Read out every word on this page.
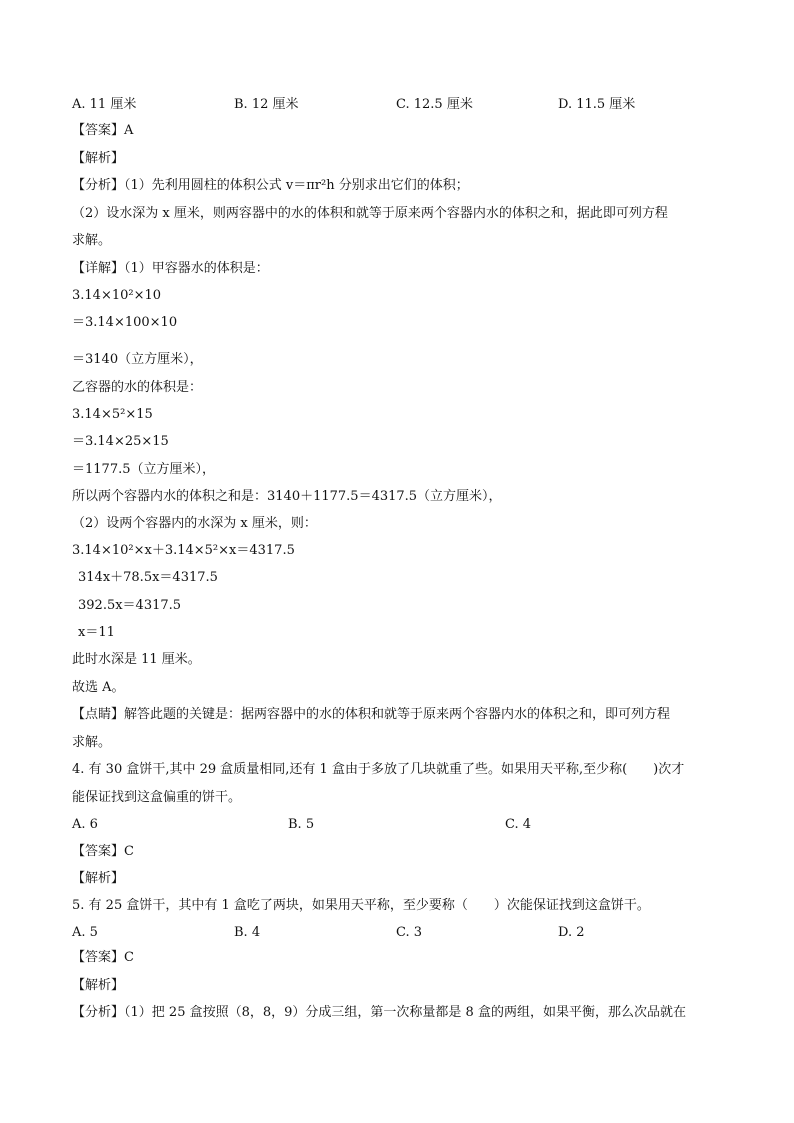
A. 11 厘米	B. 12 厘米	C. 12.5 厘米	D. 11.5 厘米
【答案】A
【解析】
【分析】（1）先利用圆柱的体积公式 v＝πr²h 分别求出它们的体积；
（2）设水深为 x 厘米，则两容器中的水的体积和就等于原来两个容器内水的体积之和，据此即可列方程
求解。
【详解】（1）甲容器水的体积是：
3.14×10²×10
＝3.14×100×10
＝3140（立方厘米），
乙容器的水的体积是：
3.14×5²×15
＝3.14×25×15
＝1177.5（立方厘米），
所以两个容器内水的体积之和是：3140＋1177.5＝4317.5（立方厘米），
（2）设两个容器内的水深为 x 厘米，则：
3.14×10²×x＋3.14×5²×x＝4317.5
314x＋78.5x＝4317.5
392.5x＝4317.5
x＝11
此时水深是 11 厘米。
故选 A。
【点睛】解答此题的关键是：据两容器中的水的体积和就等于原来两个容器内水的体积之和，即可列方程
求解。
4. 有 30 盒饼干,其中 29 盒质量相同,还有 1 盒由于多放了几块就重了些。如果用天平称,至少称(　　)次才
能保证找到这盒偏重的饼干。
A. 6	B. 5	C. 4
【答案】C
【解析】
5. 有 25 盒饼干，其中有 1 盒吃了两块，如果用天平称，至少要称（　　）次能保证找到这盒饼干。
A. 5	B. 4	C. 3	D. 2
【答案】C
【解析】
【分析】（1）把 25 盒按照（8，8，9）分成三组，第一次称量都是 8 盒的两组，如果平衡，那么次品就在
